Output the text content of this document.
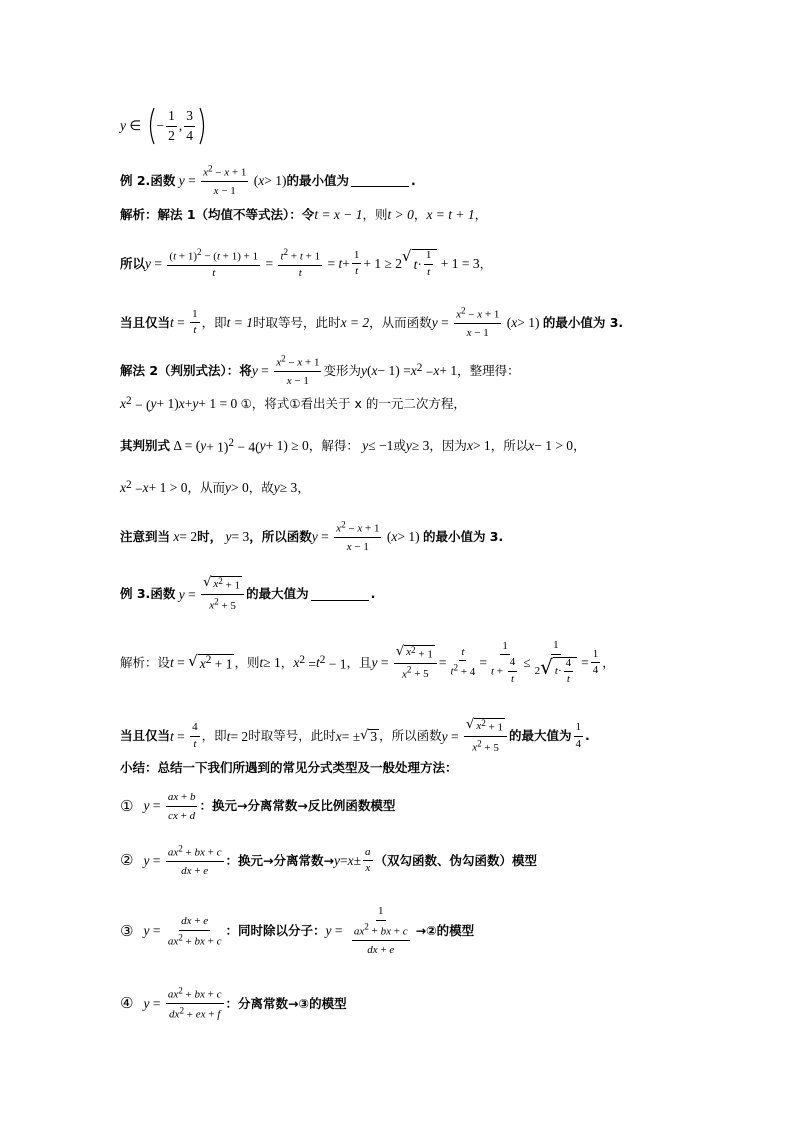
y ∈ − $\frac{1}{2}$ , $\frac{3}{4}$
例 2. 函数 $y = \frac{x^2 - x + 1}{x - 1}$ ( x > 1) 的最小值为	.
解析：解法 1（均值不等式法）：令 t = x − 1 ，则 t > 0 ， x = t + 1 ，
所以 $y = \frac{(t + 1)^2 - (t + 1) + 1}{t} = \frac{t^2 + t + 1}{t} = t + \frac{1}{t} + 1 \ge 2$ √ $t \cdot \frac{1}{t} + 1 = 3$ ，
当且仅当 $t = \frac{1}{t}$ ，即 t = 1 时取等号，此时 x = 2 ，从而函数 $y = \frac{x^2 - x + 1}{x - 1}$ ( x > 1) 的最小值为 3.
解法 2（判别式法）：将 $y = \frac{x^2 - x + 1}{x - 1}$ 变形为 y ( x − 1) = x $^2$ − x + 1 ，整理得：
x $^2$ − ( y + 1) x + y + 1 = 0 ①，将式①看出关于 x 的一元二次方程，
其判别式 Δ = ( y + 1)$^2$ − 4( y + 1) ≥ 0 ，解得： y ≤ −1 或 y ≥ 3 ，因为 x > 1 ，所以 x − 1 > 0 ，
x $^2$ − x + 1 > 0 ，从而 y > 0 ，故 y ≥ 3 ，
注意到当 x = 2 时， y = 3 ，所以函数 $y = \frac{x^2 - x + 1}{x - 1}$ ( x > 1) 的最小值为 3.
例 3. 函数 $y = \frac{√ x ^2 + 1}{x^2 + 5}$ 的最大值为	.
解析：设 t = √ x $^2$ + 1 ，则 t ≥ 1 ， x $^2$ = t $^2$ − 1 ，且 $y = \frac{√ x ^2 + 1}{x^2 + 5} = \frac{t}{t^2 + 4} = \frac{1}{t + \frac{4}{t}} \le \frac{1}{2 √ t \cdot \frac{4}{t}} = \frac{1}{4}$ ，
当且仅当 $t = \frac{4}{t}$ ，即 t = 2 时取等号，此时 x = ± √ 3 ，所以函数 $y = \frac{√ x ^2 + 1}{x^2 + 5}$ 的最大值为 $\frac{1}{4}$ .
小结：总结一下我们所遇到的常见分式类型及一般处理方法：
① $y = \frac{ax + b}{cx + d}$ ：换元→分离常数→反比例函数模型
② $y = \frac{ax^2 + bx + c}{dx + e}$ ：换元→分离常数→ $y = x \pm \frac{a}{x}$ （双勾函数、伪勾函数）模型
③ $y = \frac{dx + e}{ax^2 + bx + c}$ ：同时除以分子： $y = \frac{1}{\frac{ax^2 + bx + c}{dx + e}}$ →②的模型
④ $y = \frac{ax^2 + bx + c}{dx^2 + ex + f}$ ：分离常数→③的模型
